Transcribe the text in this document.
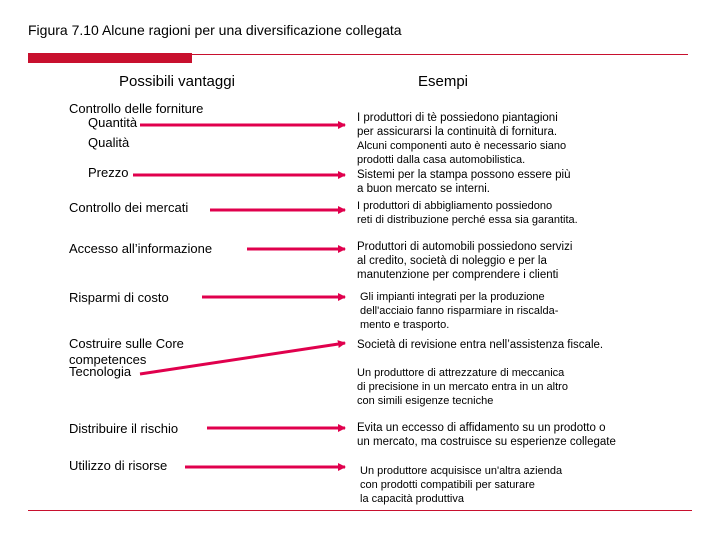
Figura 7.10 Alcune ragioni per una diversificazione collegata
Possibili vantaggi	Esempi
Controllo delle forniture
Quantità
Qualità
Prezzo
Controllo dei mercati
Accesso all’informazione
Risparmi di costo
Costruire sulle Core
competences
Tecnologia
Distribuire il rischio
Utilizzo di risorse
I produttori di tè possiedono piantagioni
per assicurarsi la continuità di fornitura.
Alcuni componenti auto è necessario siano
prodotti dalla casa automobilistica.
Sistemi per la stampa possono essere più
a buon mercato se interni.
I produttori di abbigliamento possiedono
reti di distribuzione perché essa sia garantita.
Produttori di automobili possiedono servizi
al credito, società di noleggio e per la
manutenzione per comprendere i clienti
Gli impianti integrati per la produzione
dell'acciaio fanno risparmiare in riscalda-
mento e trasporto.
Società di revisione entra nell’assistenza fiscale.
Un produttore di attrezzature di meccanica
di precisione in un mercato entra in un altro
con simili esigenze tecniche
Evita un eccesso di affidamento su un prodotto o
un mercato, ma costruisce su esperienze collegate
Un produttore acquisisce un'altra azienda
con prodotti compatibili per saturare
la capacità produttiva
